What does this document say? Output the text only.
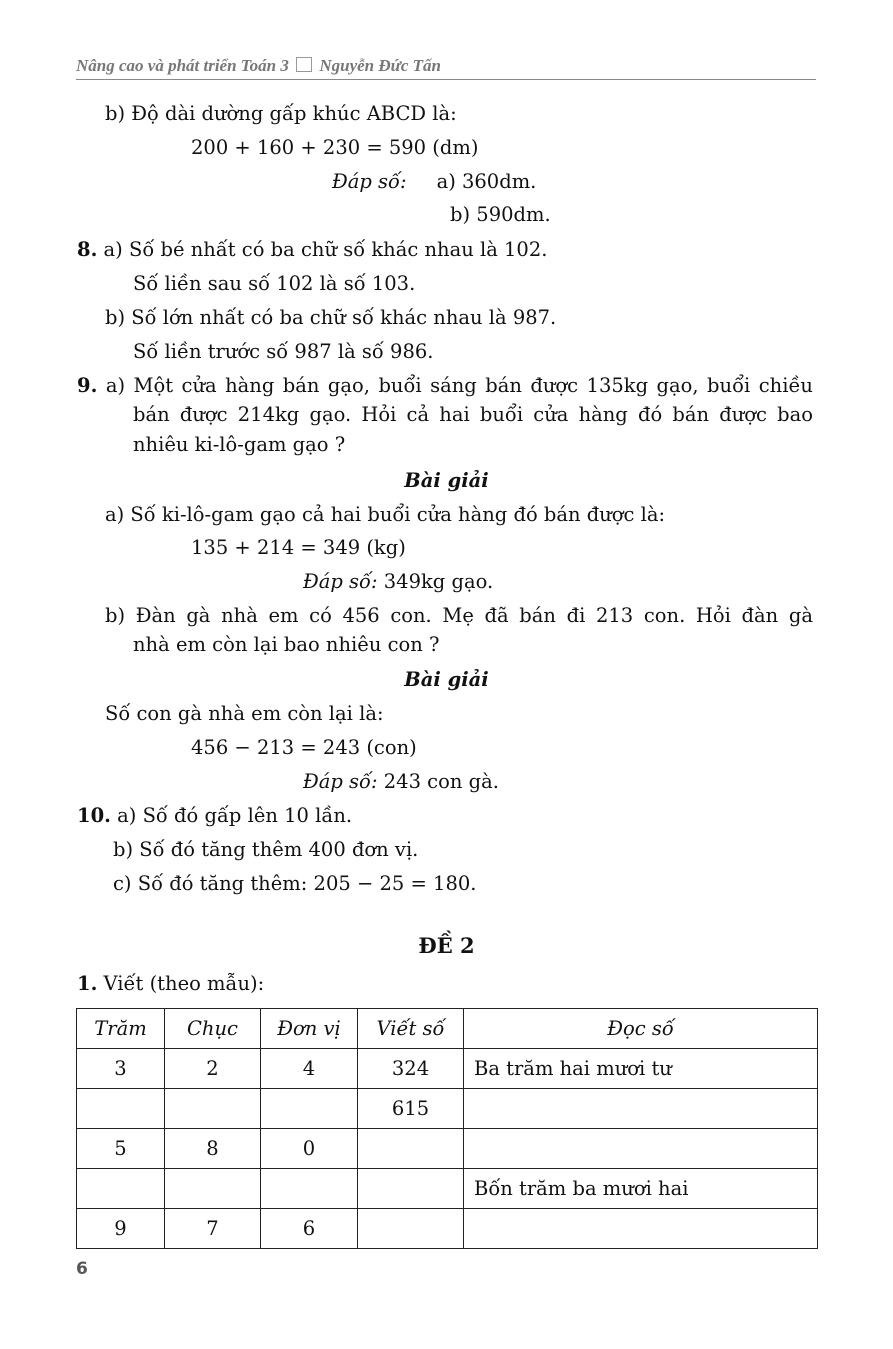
Nâng cao và phát triển Toán 3 Nguyễn Đức Tấn
b) Độ dài dường gấp khúc ABCD là:
200 + 160 + 230 = 590 (dm)
Đáp số: a) 360dm.
b) 590dm.
8. a) Số bé nhất có ba chữ số khác nhau là 102.
Số liền sau số 102 là số 103.
b) Số lớn nhất có ba chữ số khác nhau là 987.
Số liền trước số 987 là số 986.
9. a) Một cửa hàng bán gạo, buổi sáng bán được 135kg gạo, buổi chiều
bán được 214kg gạo. Hỏi cả hai buổi cửa hàng đó bán được bao
nhiêu ki-lô-gam gạo ?
Bài giải
a) Số ki-lô-gam gạo cả hai buổi cửa hàng đó bán được là:
135 + 214 = 349 (kg)
Đáp số: 349kg gạo.
b) Đàn gà nhà em có 456 con. Mẹ đã bán đi 213 con. Hỏi đàn gà
nhà em còn lại bao nhiêu con ?
Bài giải
Số con gà nhà em còn lại là:
456 − 213 = 243 (con)
Đáp số: 243 con gà.
10. a) Số đó gấp lên 10 lần.
b) Số đó tăng thêm 400 đơn vị.
c) Số đó tăng thêm: 205 − 25 = 180.
ĐỀ 2
1. Viết (theo mẫu):
Trăm	Chục	Đơn vị	Viết số	Đọc số
3	2	4	324	Ba trăm hai mươi tư
			615	
5	8	0		
				Bốn trăm ba mươi hai
9	7	6		
6
